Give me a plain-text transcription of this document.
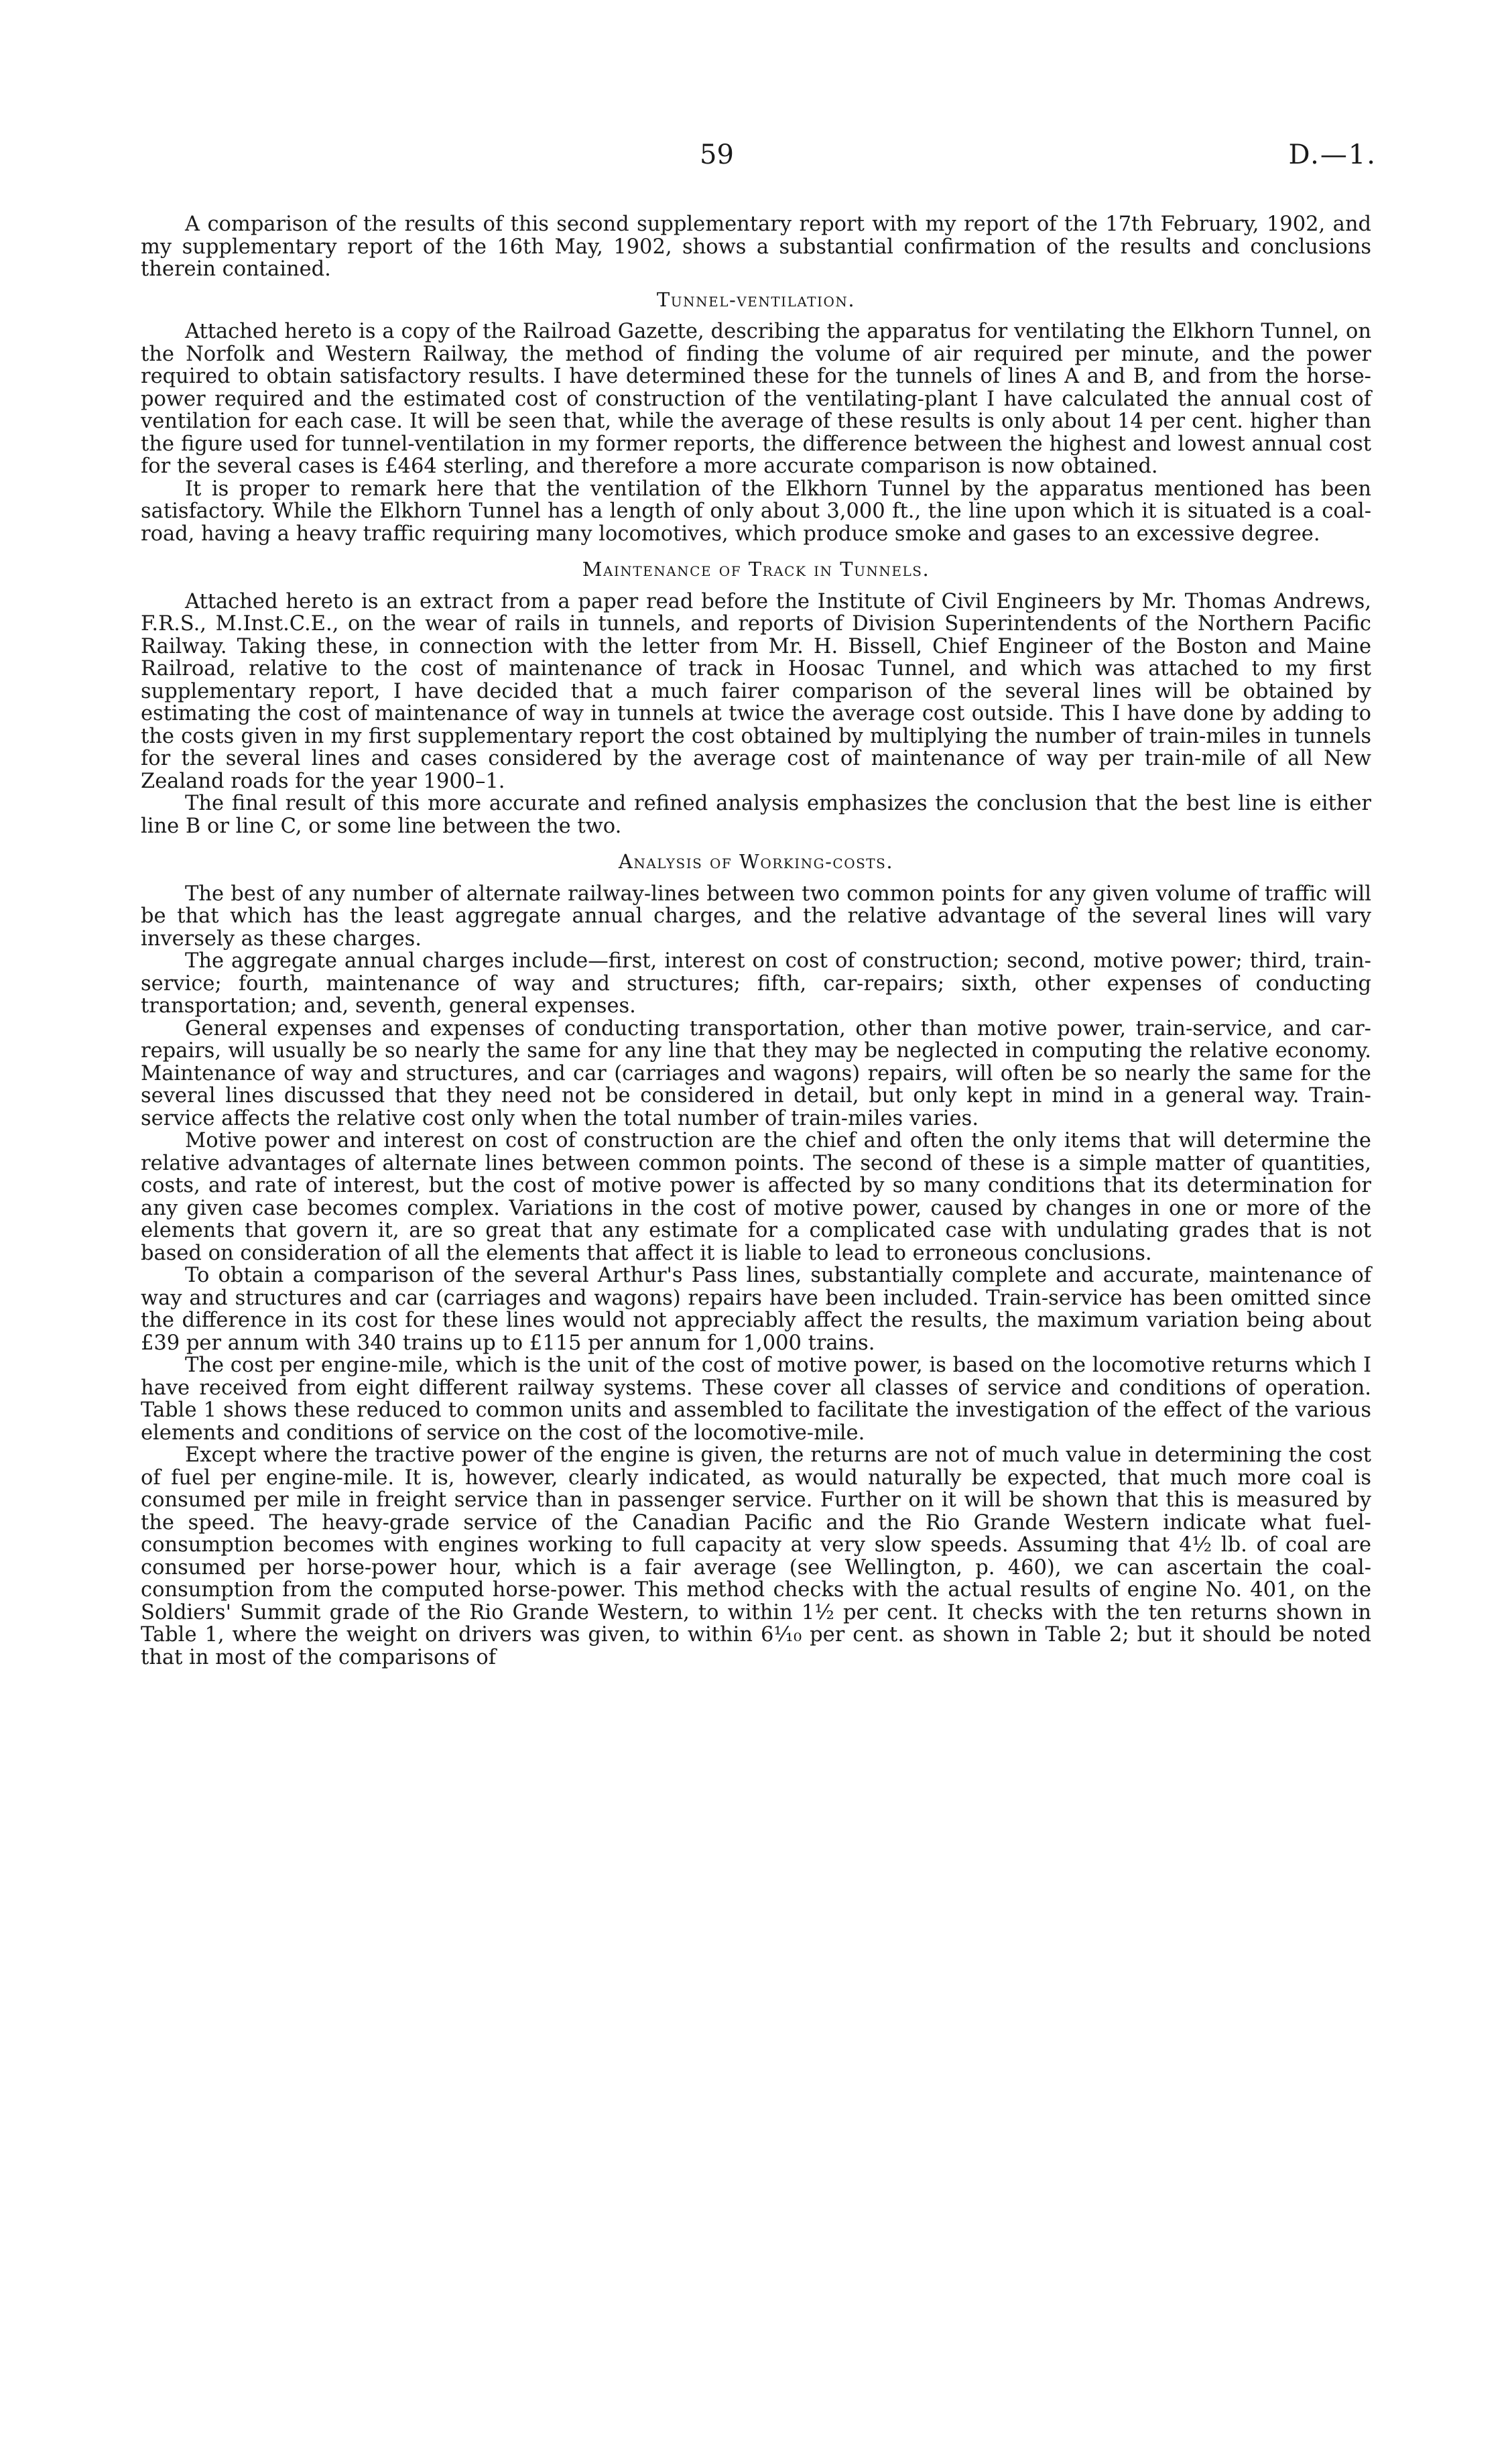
59	D.—1.

A comparison of the results of this second supplementary report with my report of the 17th February, 1902, and my supplementary report of the 16th May, 1902, shows a substantial confirmation of the results and conclusions therein contained.

Tunnel-ventilation.

Attached hereto is a copy of the Railroad Gazette, describing the apparatus for ventilating the Elkhorn Tunnel, on the Norfolk and Western Railway, the method of finding the volume of air required per minute, and the power required to obtain satisfactory results. I have determined these for the tunnels of lines A and B, and from the horse-power required and the estimated cost of construction of the ventilating-plant I have calculated the annual cost of ventilation for each case. It will be seen that, while the average of these results is only about 14 per cent. higher than the figure used for tunnel-ventilation in my former reports, the difference between the highest and lowest annual cost for the several cases is £464 sterling, and therefore a more accurate comparison is now obtained.

It is proper to remark here that the ventilation of the Elkhorn Tunnel by the apparatus mentioned has been satisfactory. While the Elkhorn Tunnel has a length of only about 3,000 ft., the line upon which it is situated is a coal-road, having a heavy traffic requiring many locomotives, which produce smoke and gases to an excessive degree.

Maintenance of Track in Tunnels.

Attached hereto is an extract from a paper read before the Institute of Civil Engineers by Mr. Thomas Andrews, F.R.S., M.Inst.C.E., on the wear of rails in tunnels, and reports of Division Superintendents of the Northern Pacific Railway. Taking these, in connection with the letter from Mr. H. Bissell, Chief Engineer of the Boston and Maine Railroad, relative to the cost of maintenance of track in Hoosac Tunnel, and which was attached to my first supplementary report, I have decided that a much fairer comparison of the several lines will be obtained by estimating the cost of maintenance of way in tunnels at twice the average cost outside. This I have done by adding to the costs given in my first supplementary report the cost obtained by multiplying the number of train-miles in tunnels for the several lines and cases considered by the average cost of maintenance of way per train-mile of all New Zealand roads for the year 1900–1.

The final result of this more accurate and refined analysis emphasizes the conclusion that the best line is either line B or line C, or some line between the two.

Analysis of Working-costs.

The best of any number of alternate railway-lines between two common points for any given volume of traffic will be that which has the least aggregate annual charges, and the relative advantage of the several lines will vary inversely as these charges.

The aggregate annual charges include—first, interest on cost of construction; second, motive power; third, train-service; fourth, maintenance of way and structures; fifth, car-repairs; sixth, other expenses of conducting transportation; and, seventh, general expenses.

General expenses and expenses of conducting transportation, other than motive power, train-service, and car-repairs, will usually be so nearly the same for any line that they may be neglected in computing the relative economy. Maintenance of way and structures, and car (carriages and wagons) repairs, will often be so nearly the same for the several lines discussed that they need not be considered in detail, but only kept in mind in a general way. Train-service affects the relative cost only when the total number of train-miles varies.

Motive power and interest on cost of construction are the chief and often the only items that will determine the relative advantages of alternate lines between common points. The second of these is a simple matter of quantities, costs, and rate of interest, but the cost of motive power is affected by so many conditions that its determination for any given case becomes complex. Variations in the cost of motive power, caused by changes in one or more of the elements that govern it, are so great that any estimate for a complicated case with undulating grades that is not based on consideration of all the elements that affect it is liable to lead to erroneous conclusions.

To obtain a comparison of the several Arthur's Pass lines, substantially complete and accurate, maintenance of way and structures and car (carriages and wagons) repairs have been included. Train-service has been omitted since the difference in its cost for these lines would not appreciably affect the results, the maximum variation being about £39 per annum with 340 trains up to £115 per annum for 1,000 trains.

The cost per engine-mile, which is the unit of the cost of motive power, is based on the locomotive returns which I have received from eight different railway systems. These cover all classes of service and conditions of operation. Table 1 shows these reduced to common units and assembled to facilitate the investigation of the effect of the various elements and conditions of service on the cost of the locomotive-mile.

Except where the tractive power of the engine is given, the returns are not of much value in determining the cost of fuel per engine-mile. It is, however, clearly indicated, as would naturally be expected, that much more coal is consumed per mile in freight service than in passenger service. Further on it will be shown that this is measured by the speed. The heavy-grade service of the Canadian Pacific and the Rio Grande Western indicate what fuel-consumption becomes with engines working to full capacity at very slow speeds. Assuming that 4½ lb. of coal are consumed per horse-power hour, which is a fair average (see Wellington, p. 460), we can ascertain the coal-consumption from the computed horse-power. This method checks with the actual results of engine No. 401, on the Soldiers' Summit grade of the Rio Grande Western, to within 1½ per cent. It checks with the ten returns shown in Table 1, where the weight on drivers was given, to within 6¹⁄₁₀ per cent. as shown in Table 2; but it should be noted that in most of the comparisons of
